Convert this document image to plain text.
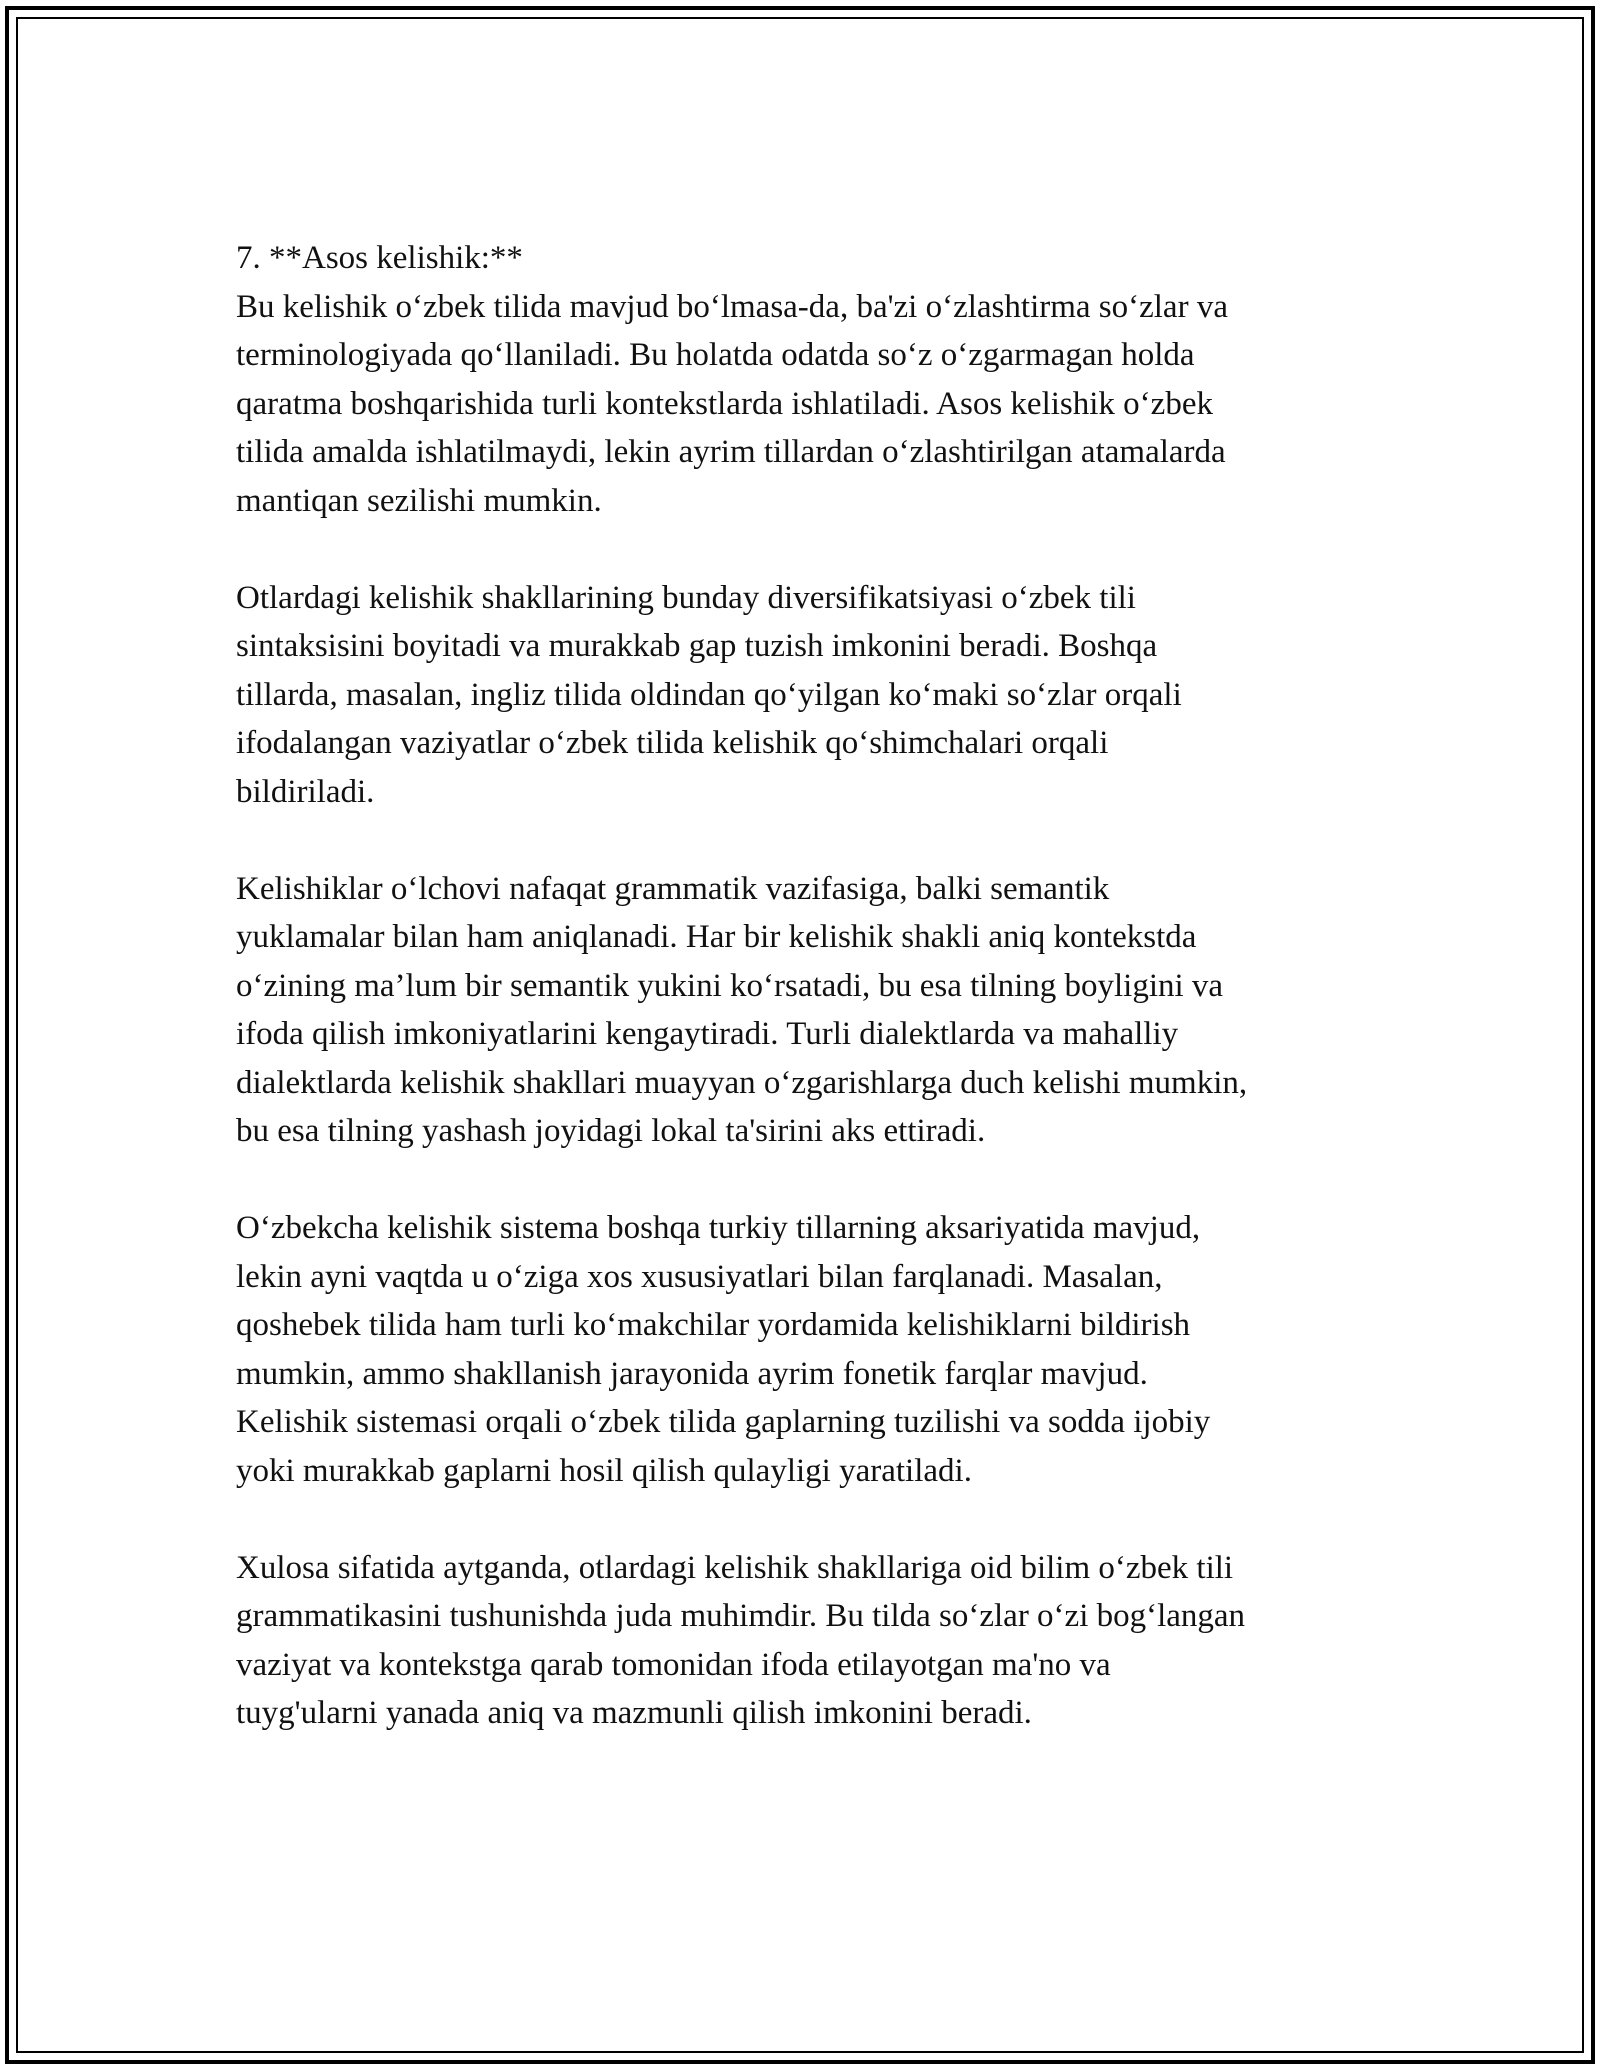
7. **Asos kelishik:**

Bu kelishik o‘zbek tilida mavjud bo‘lmasa-da, ba'zi o‘zlashtirma so‘zlar va
terminologiyada qo‘llaniladi. Bu holatda odatda so‘z o‘zgarmagan holda
qaratma boshqarishida turli kontekstlarda ishlatiladi. Asos kelishik o‘zbek
tilida amalda ishlatilmaydi, lekin ayrim tillardan o‘zlashtirilgan atamalarda
mantiqan sezilishi mumkin.

Otlardagi kelishik shakllarining bunday diversifikatsiyasi o‘zbek tili
sintaksisini boyitadi va murakkab gap tuzish imkonini beradi. Boshqa
tillarda, masalan, ingliz tilida oldindan qo‘yilgan ko‘maki so‘zlar orqali
ifodalangan vaziyatlar o‘zbek tilida kelishik qo‘shimchalari orqali
bildiriladi.

Kelishiklar o‘lchovi nafaqat grammatik vazifasiga, balki semantik
yuklamalar bilan ham aniqlanadi. Har bir kelishik shakli aniq kontekstda
o‘zining ma’lum bir semantik yukini ko‘rsatadi, bu esa tilning boyligini va
ifoda qilish imkoniyatlarini kengaytiradi. Turli dialektlarda va mahalliy
dialektlarda kelishik shakllari muayyan o‘zgarishlarga duch kelishi mumkin,
bu esa tilning yashash joyidagi lokal ta'sirini aks ettiradi.

O‘zbekcha kelishik sistema boshqa turkiy tillarning aksariyatida mavjud,
lekin ayni vaqtda u o‘ziga xos xususiyatlari bilan farqlanadi. Masalan,
qoshebek tilida ham turli ko‘makchilar yordamida kelishiklarni bildirish
mumkin, ammo shakllanish jarayonida ayrim fonetik farqlar mavjud.
Kelishik sistemasi orqali o‘zbek tilida gaplarning tuzilishi va sodda ijobiy
yoki murakkab gaplarni hosil qilish qulayligi yaratiladi.

Xulosa sifatida aytganda, otlardagi kelishik shakllariga oid bilim o‘zbek tili
grammatikasini tushunishda juda muhimdir. Bu tilda so‘zlar o‘zi bog‘langan
vaziyat va kontekstga qarab tomonidan ifoda etilayotgan ma'no va
tuyg'ularni yanada aniq va mazmunli qilish imkonini beradi.
